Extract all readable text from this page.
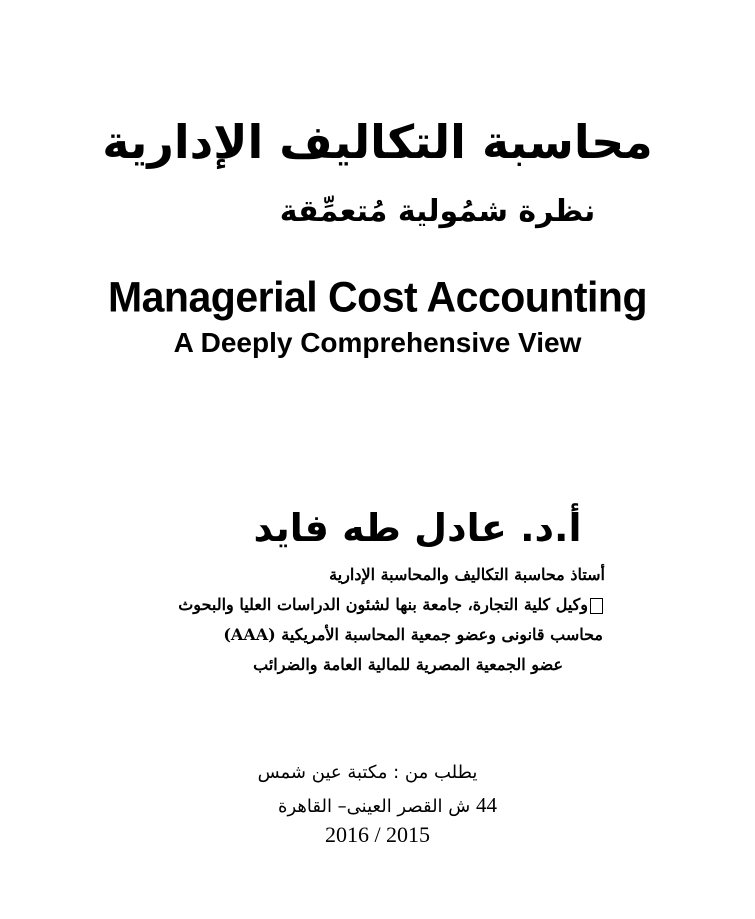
محاسبة التكاليف الإدارية
نظرة شمُولية مُتعمِّقة
Managerial Cost Accounting
A Deeply Comprehensive View
أ.د. عادل طه فايد
أستاذ محاسبة التكاليف والمحاسبة الإدارية
وكيل كلية التجارة، جامعة بنها لشئون الدراسات العليا والبحوث
محاسب قانونى وعضو جمعية المحاسبة الأمريكية (AAA)
عضو الجمعية المصرية للمالية العامة والضرائب
يطلب من : مكتبة عين شمس
44 ش القصر العينى– القاهرة
2016 / 2015
